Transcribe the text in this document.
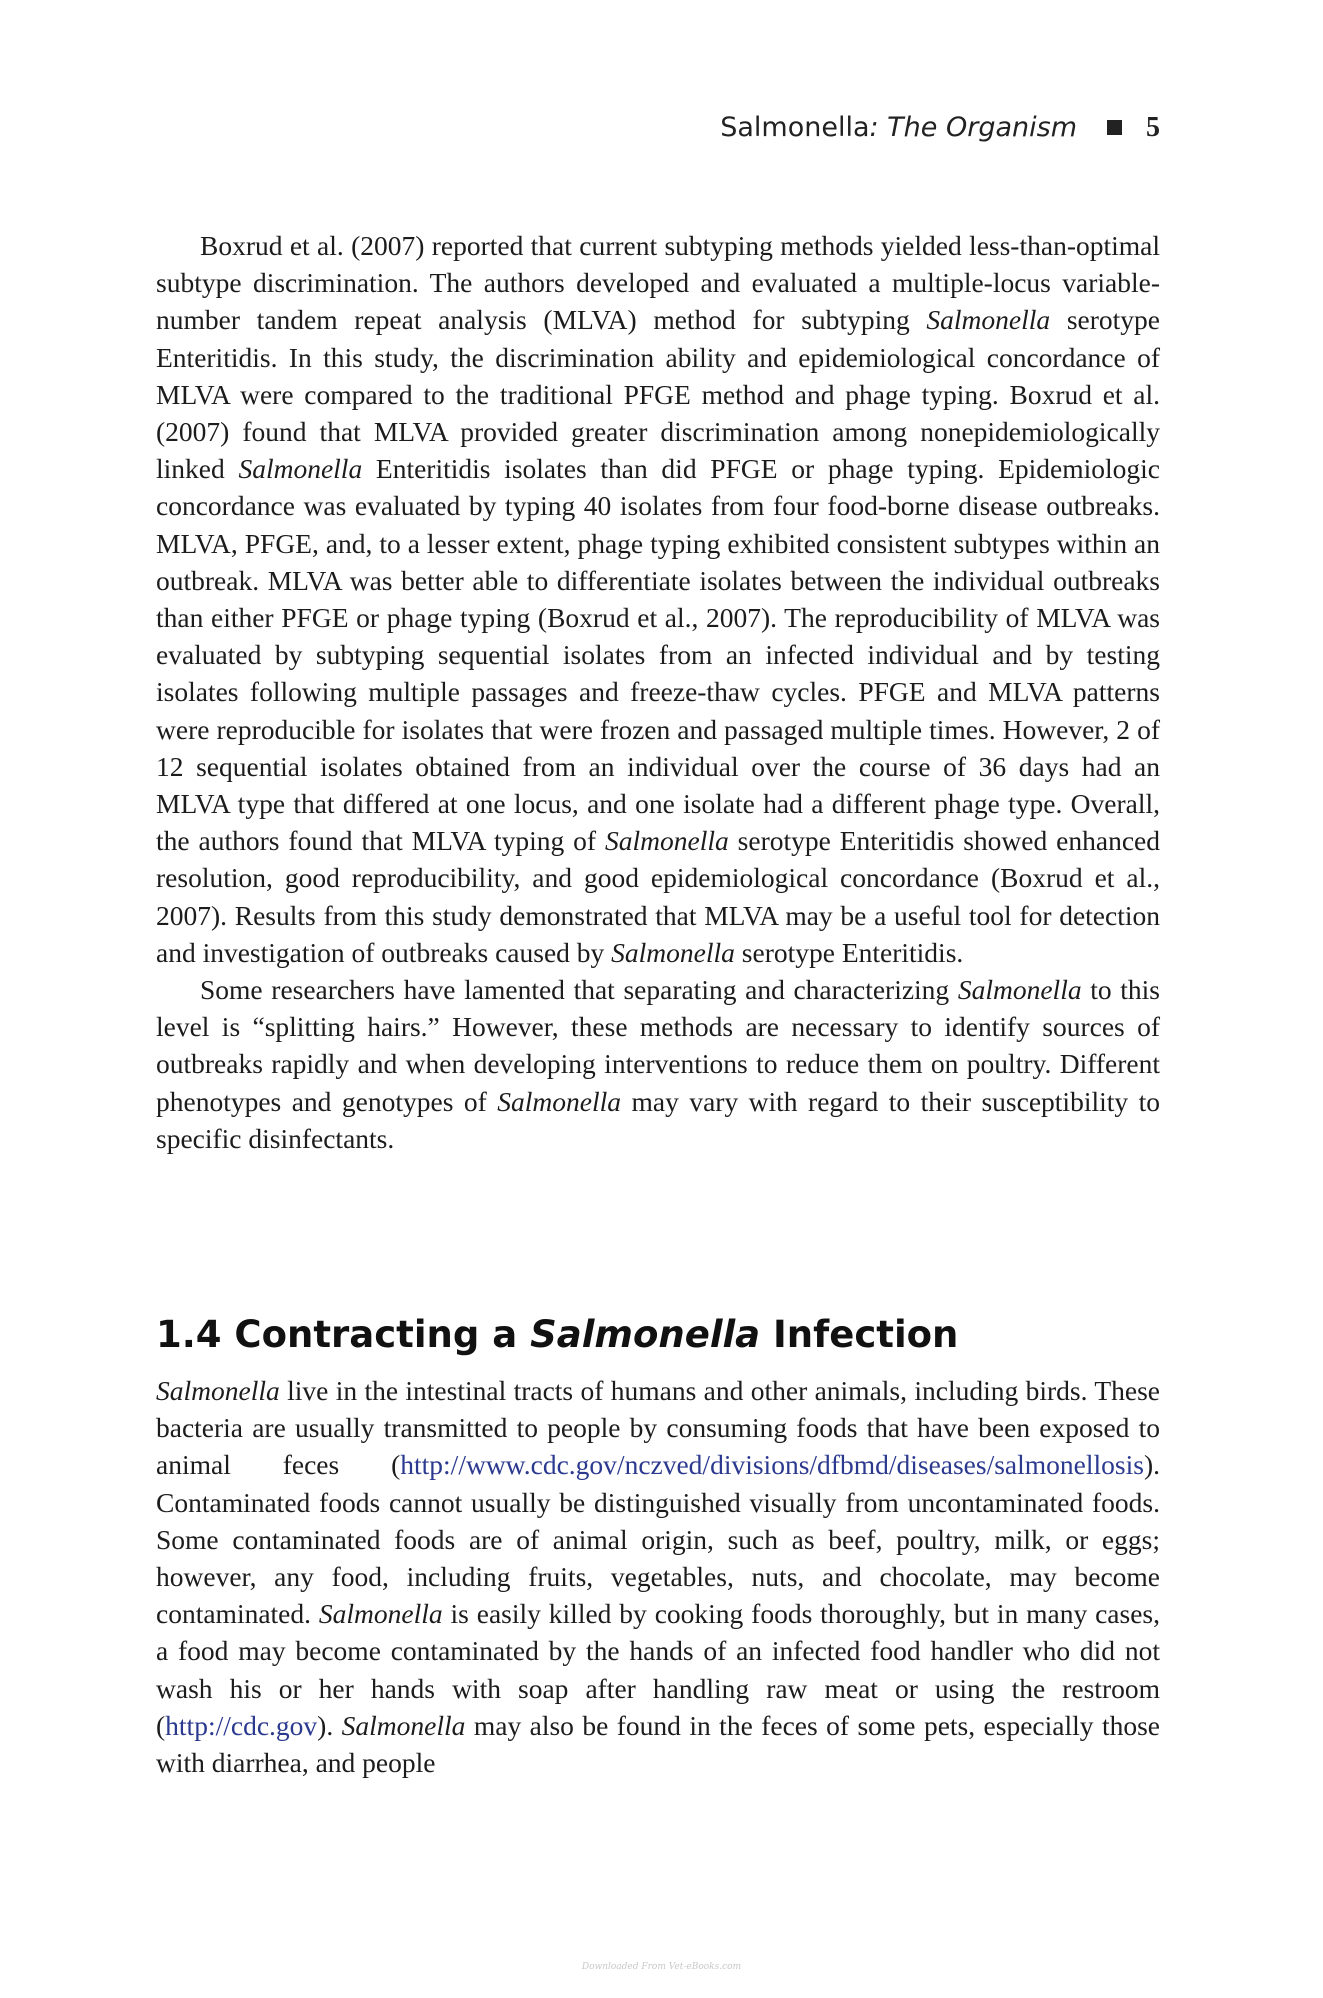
Salmonella: The Organism 5

Boxrud et al. (2007) reported that current subtyping methods yielded less-than-optimal subtype discrimination. The authors developed and evaluated a multiple-locus variable-number tandem repeat analysis (MLVA) method for subtyping Salmonella serotype Enteritidis. In this study, the discrimination ability and epidemiological concordance of MLVA were compared to the traditional PFGE method and phage typing. Boxrud et al. (2007) found that MLVA provided greater discrimination among nonepidemiologically linked Salmonella Enteritidis isolates than did PFGE or phage typing. Epidemiologic concordance was evaluated by typing 40 isolates from four food-borne disease outbreaks. MLVA, PFGE, and, to a lesser extent, phage typing exhibited consistent subtypes within an outbreak. MLVA was better able to differentiate isolates between the individual outbreaks than either PFGE or phage typing (Boxrud et al., 2007). The reproducibility of MLVA was evaluated by subtyping sequential isolates from an infected individual and by testing isolates following multiple passages and freeze-thaw cycles. PFGE and MLVA patterns were reproducible for isolates that were frozen and passaged multiple times. However, 2 of 12 sequential isolates obtained from an individual over the course of 36 days had an MLVA type that differed at one locus, and one isolate had a different phage type. Overall, the authors found that MLVA typing of Salmonella serotype Enteritidis showed enhanced resolution, good reproducibility, and good epidemiological concordance (Boxrud et al., 2007). Results from this study demonstrated that MLVA may be a useful tool for detection and investigation of outbreaks caused by Salmonella serotype Enteritidis.

Some researchers have lamented that separating and characterizing Salmonella to this level is “splitting hairs.” However, these methods are necessary to identify sources of outbreaks rapidly and when developing interventions to reduce them on poultry. Different phenotypes and genotypes of Salmonella may vary with regard to their susceptibility to specific disinfectants.

1.4 Contracting a Salmonella Infection

Salmonella live in the intestinal tracts of humans and other animals, including birds. These bacteria are usually transmitted to people by consuming foods that have been exposed to animal feces (http://www.cdc.gov/nczved/divisions/dfbmd/diseases/salmonellosis). Contaminated foods cannot usually be distinguished visually from uncontaminated foods. Some contaminated foods are of animal origin, such as beef, poultry, milk, or eggs; however, any food, including fruits, vegetables, nuts, and chocolate, may become contaminated. Salmonella is easily killed by cooking foods thoroughly, but in many cases, a food may become contaminated by the hands of an infected food handler who did not wash his or her hands with soap after handling raw meat or using the restroom (http://cdc.gov). Salmonella may also be found in the feces of some pets, especially those with diarrhea, and people

Downloaded From Vet-eBooks.com
